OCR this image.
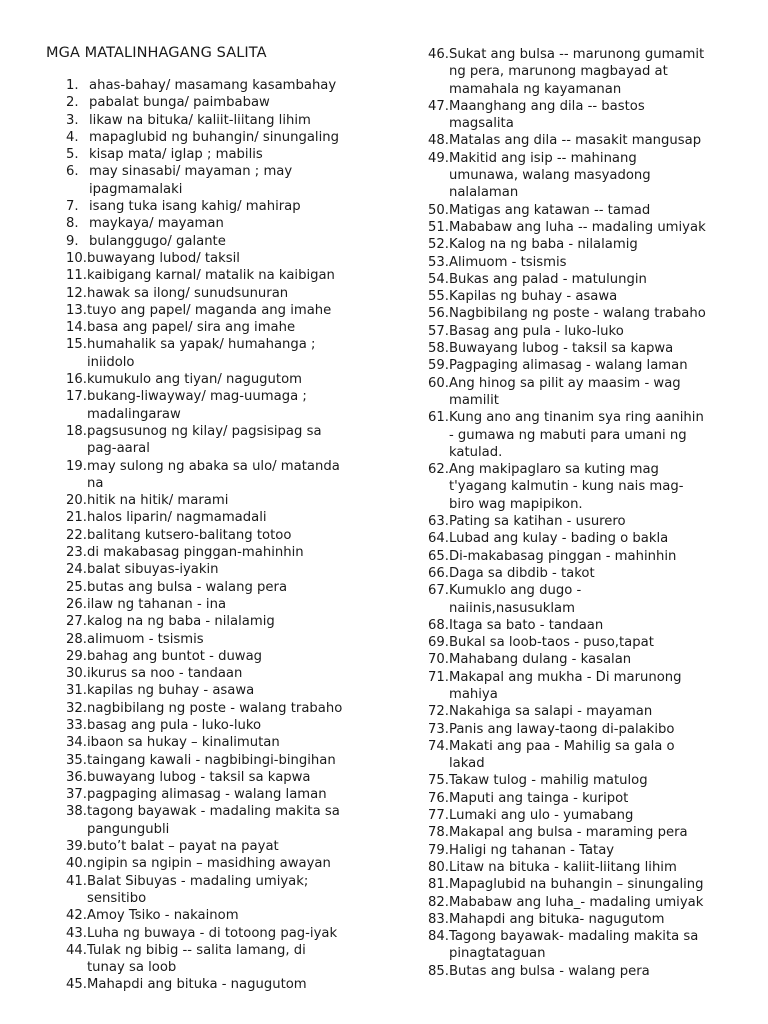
MGA MATALINHAGANG SALITA
1. ahas-bahay/ masamang kasambahay
2. pabalat bunga/ paimbabaw
3. likaw na bituka/ kaliit-liitang lihim
4. mapaglubid ng buhangin/ sinungaling
5. kisap mata/ iglap ; mabilis
6. may sinasabi/ mayaman ; may
ipagmamalaki
7. isang tuka isang kahig/ mahirap
8. maykaya/ mayaman
9. bulanggugo/ galante
10. buwayang lubod/ taksil
11. kaibigang karnal/ matalik na kaibigan
12. hawak sa ilong/ sunudsunuran
13. tuyo ang papel/ maganda ang imahe
14. basa ang papel/ sira ang imahe
15. humahalik sa yapak/ humahanga ;
iniidolo
16. kumukulo ang tiyan/ nagugutom
17. bukang-liwayway/ mag-uumaga ;
madalingaraw
18. pagsusunog ng kilay/ pagsisipag sa
pag-aaral
19. may sulong ng abaka sa ulo/ matanda
na
20. hitik na hitik/ marami
21. halos liparin/ nagmamadali
22. balitang kutsero-balitang totoo
23. di makabasag pinggan-mahinhin
24. balat sibuyas-iyakin
25. butas ang bulsa - walang pera
26. ilaw ng tahanan - ina
27. kalog na ng baba - nilalamig
28. alimuom - tsismis
29. bahag ang buntot - duwag
30. ikurus sa noo - tandaan
31. kapilas ng buhay - asawa
32. nagbibilang ng poste - walang trabaho
33. basag ang pula - luko-luko
34. ibaon sa hukay – kinalimutan
35. taingang kawali - nagbibingi-bingihan
36. buwayang lubog - taksil sa kapwa
37. pagpaging alimasag - walang laman
38. tagong bayawak - madaling makita sa
pangungubli
39. buto’t balat – payat na payat
40. ngipin sa ngipin – masidhing awayan
41. Balat Sibuyas - madaling umiyak;
sensitibo
42. Amoy Tsiko - nakainom
43. Luha ng buwaya - di totoong pag-iyak
44. Tulak ng bibig -- salita lamang, di
tunay sa loob
45. Mahapdi ang bituka - nagugutom
46. Sukat ang bulsa -- marunong gumamit
ng pera, marunong magbayad at
mamahala ng kayamanan
47. Maanghang ang dila -- bastos
magsalita
48. Matalas ang dila -- masakit mangusap
49. Makitid ang isip -- mahinang
umunawa, walang masyadong
nalalaman
50. Matigas ang katawan -- tamad
51. Mababaw ang luha -- madaling umiyak
52. Kalog na ng baba - nilalamig
53. Alimuom - tsismis
54. Bukas ang palad - matulungin
55. Kapilas ng buhay - asawa
56. Nagbibilang ng poste - walang trabaho
57. Basag ang pula - luko-luko
58. Buwayang lubog - taksil sa kapwa
59. Pagpaging alimasag - walang laman
60. Ang hinog sa pilit ay maasim - wag
mamilit
61. Kung ano ang tinanim sya ring aanihin
- gumawa ng mabuti para umani ng
katulad.
62. Ang makipaglaro sa kuting mag
t'yagang kalmutin - kung nais mag-
biro wag mapipikon.
63. Pating sa katihan - usurero
64. Lubad ang kulay - bading o bakla
65. Di-makabasag pinggan - mahinhin
66. Daga sa dibdib - takot
67. Kumuklo ang dugo -
naiinis,nasusuklam
68. Itaga sa bato - tandaan
69. Bukal sa loob-taos - puso,tapat
70. Mahabang dulang - kasalan
71. Makapal ang mukha - Di marunong
mahiya
72. Nakahiga sa salapi - mayaman
73. Panis ang laway-taong di-palakibo
74. Makati ang paa - Mahilig sa gala o
lakad
75. Takaw tulog - mahilig matulog
76. Maputi ang tainga - kuripot
77. Lumaki ang ulo - yumabang
78. Makapal ang bulsa - maraming pera
79. Haligi ng tahanan - Tatay
80. Litaw na bituka - kaliit-liitang lihim
81. Mapaglubid na buhangin – sinungaling
82. Mababaw ang luha_- madaling umiyak
83. Mahapdi ang bituka- nagugutom
84. Tagong bayawak- madaling makita sa
pinagtataguan
85. Butas ang bulsa - walang pera
